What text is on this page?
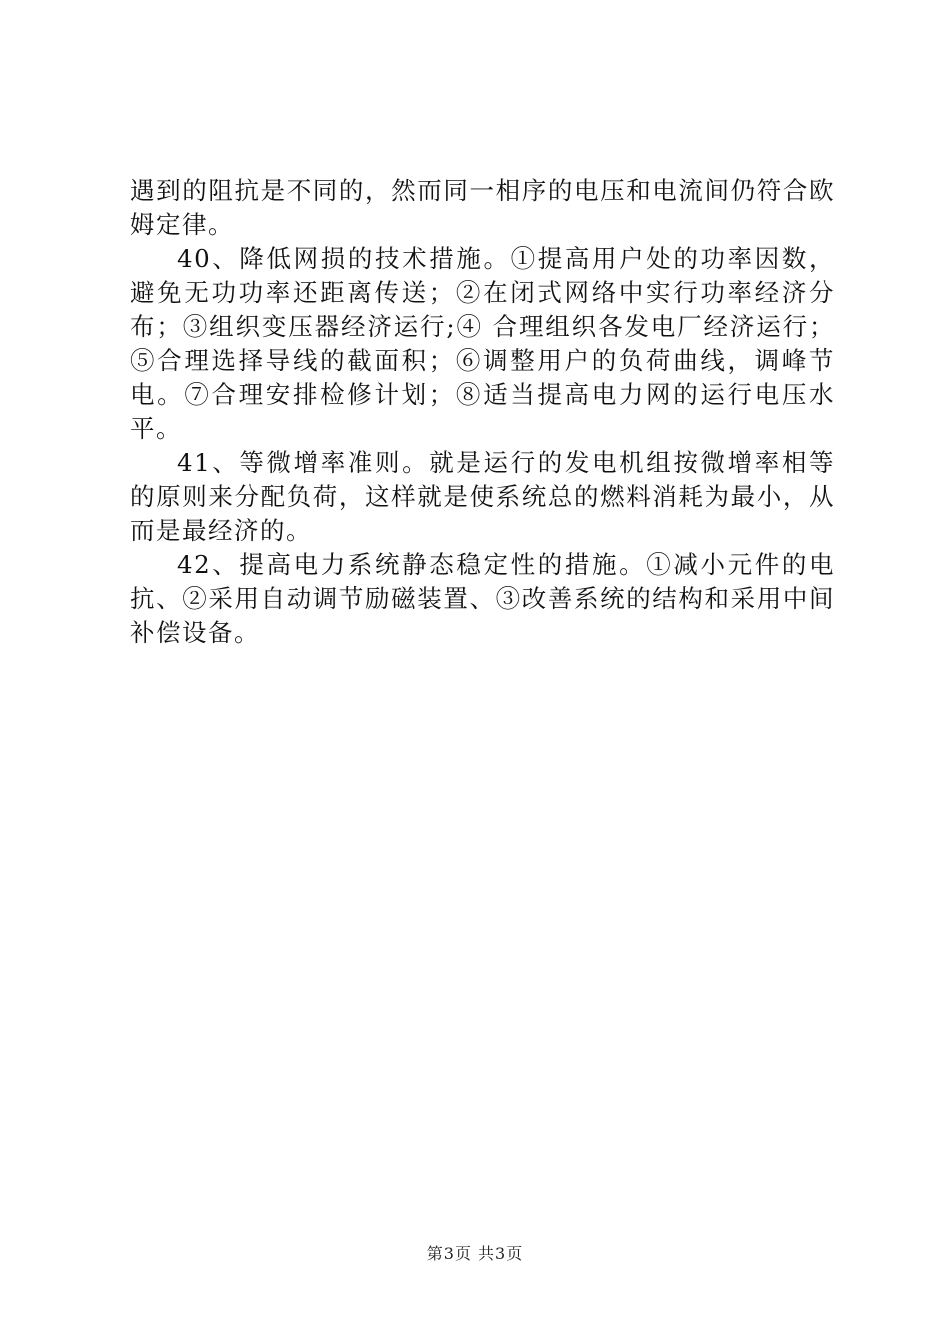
遇到的阻抗是不同的，然而同一相序的电压和电流间仍符合欧姆定律。

40、降低网损的技术措施。①提高用户处的功率因数，避免无功功率还距离传送；②在闭式网络中实行功率经济分布；③组织变压器经济运行;④ 合理组织各发电厂经济运行；⑤合理选择导线的截面积；⑥调整用户的负荷曲线，调峰节电。⑦合理安排检修计划；⑧适当提高电力网的运行电压水平。

41、等微增率准则。就是运行的发电机组按微增率相等的原则来分配负荷，这样就是使系统总的燃料消耗为最小，从而是最经济的。

42、提高电力系统静态稳定性的措施。①减小元件的电抗、②采用自动调节励磁装置、③改善系统的结构和采用中间补偿设备。

第3页 共3页
